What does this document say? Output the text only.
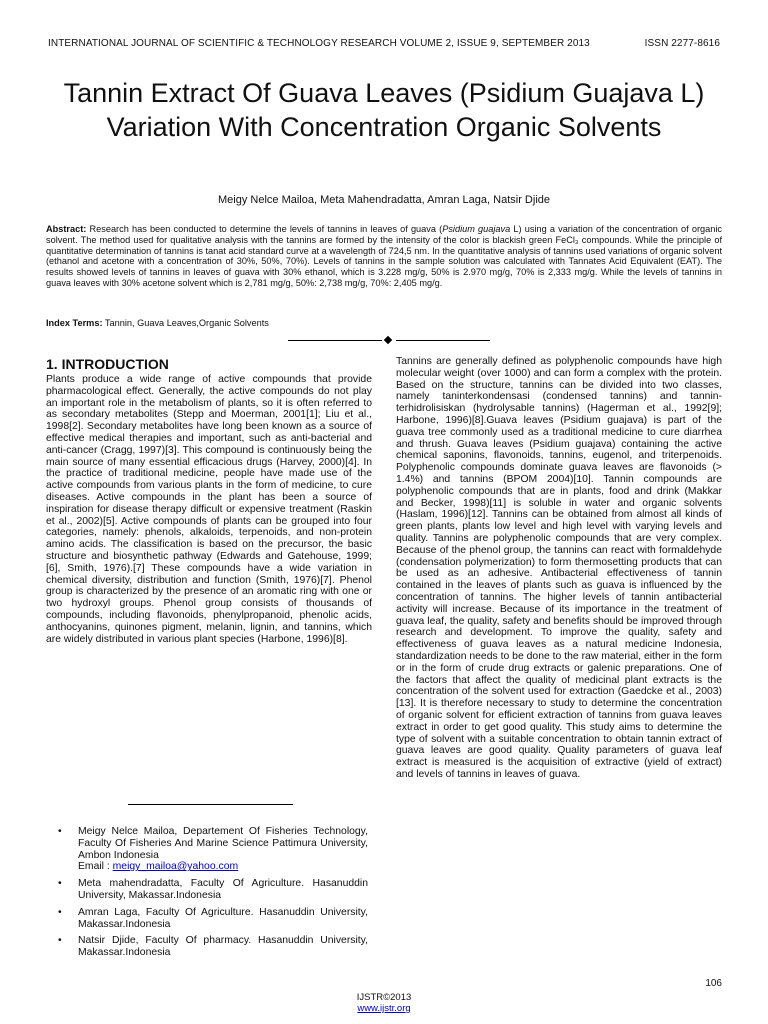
INTERNATIONAL JOURNAL OF SCIENTIFIC & TECHNOLOGY RESEARCH VOLUME 2, ISSUE 9, SEPTEMBER 2013	ISSN 2277-8616
Tannin Extract Of Guava Leaves (Psidium Guajava L) Variation With Concentration Organic Solvents
Meigy Nelce Mailoa, Meta Mahendradatta, Amran Laga, Natsir Djide
Abstract: Research has been conducted to determine the levels of tannins in leaves of guava (Psidium guajava L) using a variation of the concentration of organic solvent. The method used for qualitative analysis with the tannins are formed by the intensity of the color is blackish green FeCl₃ compounds. While the principle of quantitative determination of tannins is tanat acid standard curve at a wavelength of 724,5 nm. In the quantitative analysis of tannins used variations of organic solvent (ethanol and acetone with a concentration of 30%, 50%, 70%). Levels of tannins in the sample solution was calculated with Tannates Acid Equivalent (EAT). The results showed levels of tannins in leaves of guava with 30% ethanol, which is 3.228 mg/g, 50% is 2.970 mg/g, 70% is 2,333 mg/g. While the levels of tannins in guava leaves with 30% acetone solvent which is 2,781 mg/g, 50%: 2,738 mg/g, 70%: 2,405 mg/g.
Index Terms: Tannin, Guava Leaves,Organic Solvents
1. INTRODUCTION

Plants produce a wide range of active compounds that provide pharmacological effect. Generally, the active compounds do not play an important role in the metabolism of plants, so it is often referred to as secondary metabolites (Stepp and Moerman, 2001[1]; Liu et al., 1998[2]. Secondary metabolites have long been known as a source of effective medical therapies and important, such as anti-bacterial and anti-cancer (Cragg, 1997)[3]. This compound is continuously being the main source of many essential efficacious drugs (Harvey, 2000)[4]. In the practice of traditional medicine, people have made use of the active compounds from various plants in the form of medicine, to cure diseases. Active compounds in the plant has been a source of inspiration for disease therapy difficult or expensive treatment (Raskin et al., 2002)[5]. Active compounds of plants can be grouped into four categories, namely: phenols, alkaloids, terpenoids, and non-protein amino acids. The classification is based on the precursor, the basic structure and biosynthetic pathway (Edwards and Gatehouse, 1999;[6], Smith, 1976).[7] These compounds have a wide variation in chemical diversity, distribution and function (Smith, 1976)[7]. Phenol group is characterized by the presence of an aromatic ring with one or two hydroxyl groups. Phenol group consists of thousands of compounds, including flavonoids, phenylpropanoid, phenolic acids, anthocyanins, quinones pigment, melanin, lignin, and tannins, which are widely distributed in various plant species (Harbone, 1996)[8].

Tannins are generally defined as polyphenolic compounds have high molecular weight (over 1000) and can form a complex with the protein. Based on the structure, tannins can be divided into two classes, namely taninterkondensasi (condensed tannins) and tannin-terhidrolisiskan (hydrolysable tannins) (Hagerman et al., 1992[9]; Harbone, 1996)[8].Guava leaves (Psidium guajava) is part of the guava tree commonly used as a traditional medicine to cure diarrhea and thrush. Guava leaves (Psidium guajava) containing the active chemical saponins, flavonoids, tannins, eugenol, and triterpenoids. Polyphenolic compounds dominate guava leaves are flavonoids (> 1.4%) and tannins (BPOM 2004)[10]. Tannin compounds are polyphenolic compounds that are in plants, food and drink (Makkar and Becker, 1998)[11] is soluble in water and organic solvents (Haslam, 1996)[12]. Tannins can be obtained from almost all kinds of green plants, plants low level and high level with varying levels and quality. Tannins are polyphenolic compounds that are very complex. Because of the phenol group, the tannins can react with formaldehyde (condensation polymerization) to form thermosetting products that can be used as an adhesive. Antibacterial effectiveness of tannin contained in the leaves of plants such as guava is influenced by the concentration of tannins. The higher levels of tannin antibacterial activity will increase. Because of its importance in the treatment of guava leaf, the quality, safety and benefits should be improved through research and development. To improve the quality, safety and effectiveness of guava leaves as a natural medicine Indonesia, standardization needs to be done to the raw material, either in the form or in the form of crude drug extracts or galenic preparations. One of the factors that affect the quality of medicinal plant extracts is the concentration of the solvent used for extraction (Gaedcke et al., 2003)[13]. It is therefore necessary to study to determine the concentration of organic solvent for efficient extraction of tannins from guava leaves extract in order to get good quality. This study aims to determine the type of solvent with a suitable concentration to obtain tannin extract of guava leaves are good quality. Quality parameters of guava leaf extract is measured is the acquisition of extractive (yield of extract) and levels of tannins in leaves of guava.

• Meigy Nelce Mailoa, Departement Of Fisheries Technology, Faculty Of Fisheries And Marine Science Pattimura University, Ambon Indonesia
Email : meigy_mailoa@yahoo.com
• Meta mahendradatta, Faculty Of Agriculture. Hasanuddin University, Makassar.Indonesia
• Amran Laga, Faculty Of Agriculture. Hasanuddin University, Makassar.Indonesia
• Natsir Djide, Faculty Of pharmacy. Hasanuddin University, Makassar.Indonesia
106
IJSTR©2013
www.ijstr.org
